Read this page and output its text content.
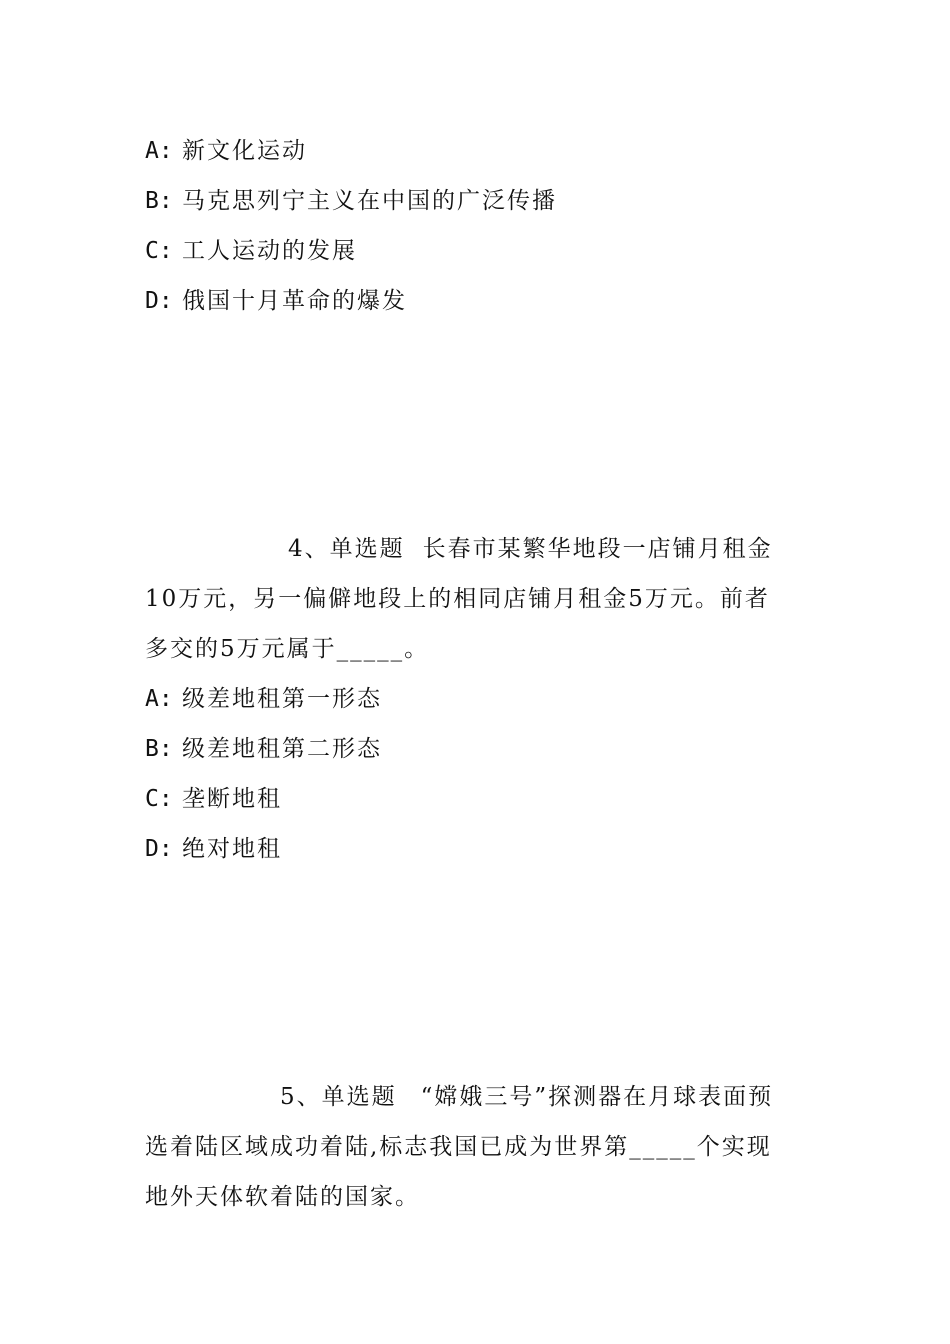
A: 新文化运动
B: 马克思列宁主义在中国的广泛传播
C: 工人运动的发展
D: 俄国十月革命的爆发
4、单选题 长春市某繁华地段一店铺月租金
10万元，另一偏僻地段上的相同店铺月租金5万元。前者
多交的5万元属于_____。
A: 级差地租第一形态
B: 级差地租第二形态
C: 垄断地租
D: 绝对地租
5、单选题 “嫦娥三号”探测器在月球表面预
选着陆区域成功着陆,标志我国已成为世界第_____个实现
地外天体软着陆的国家。
